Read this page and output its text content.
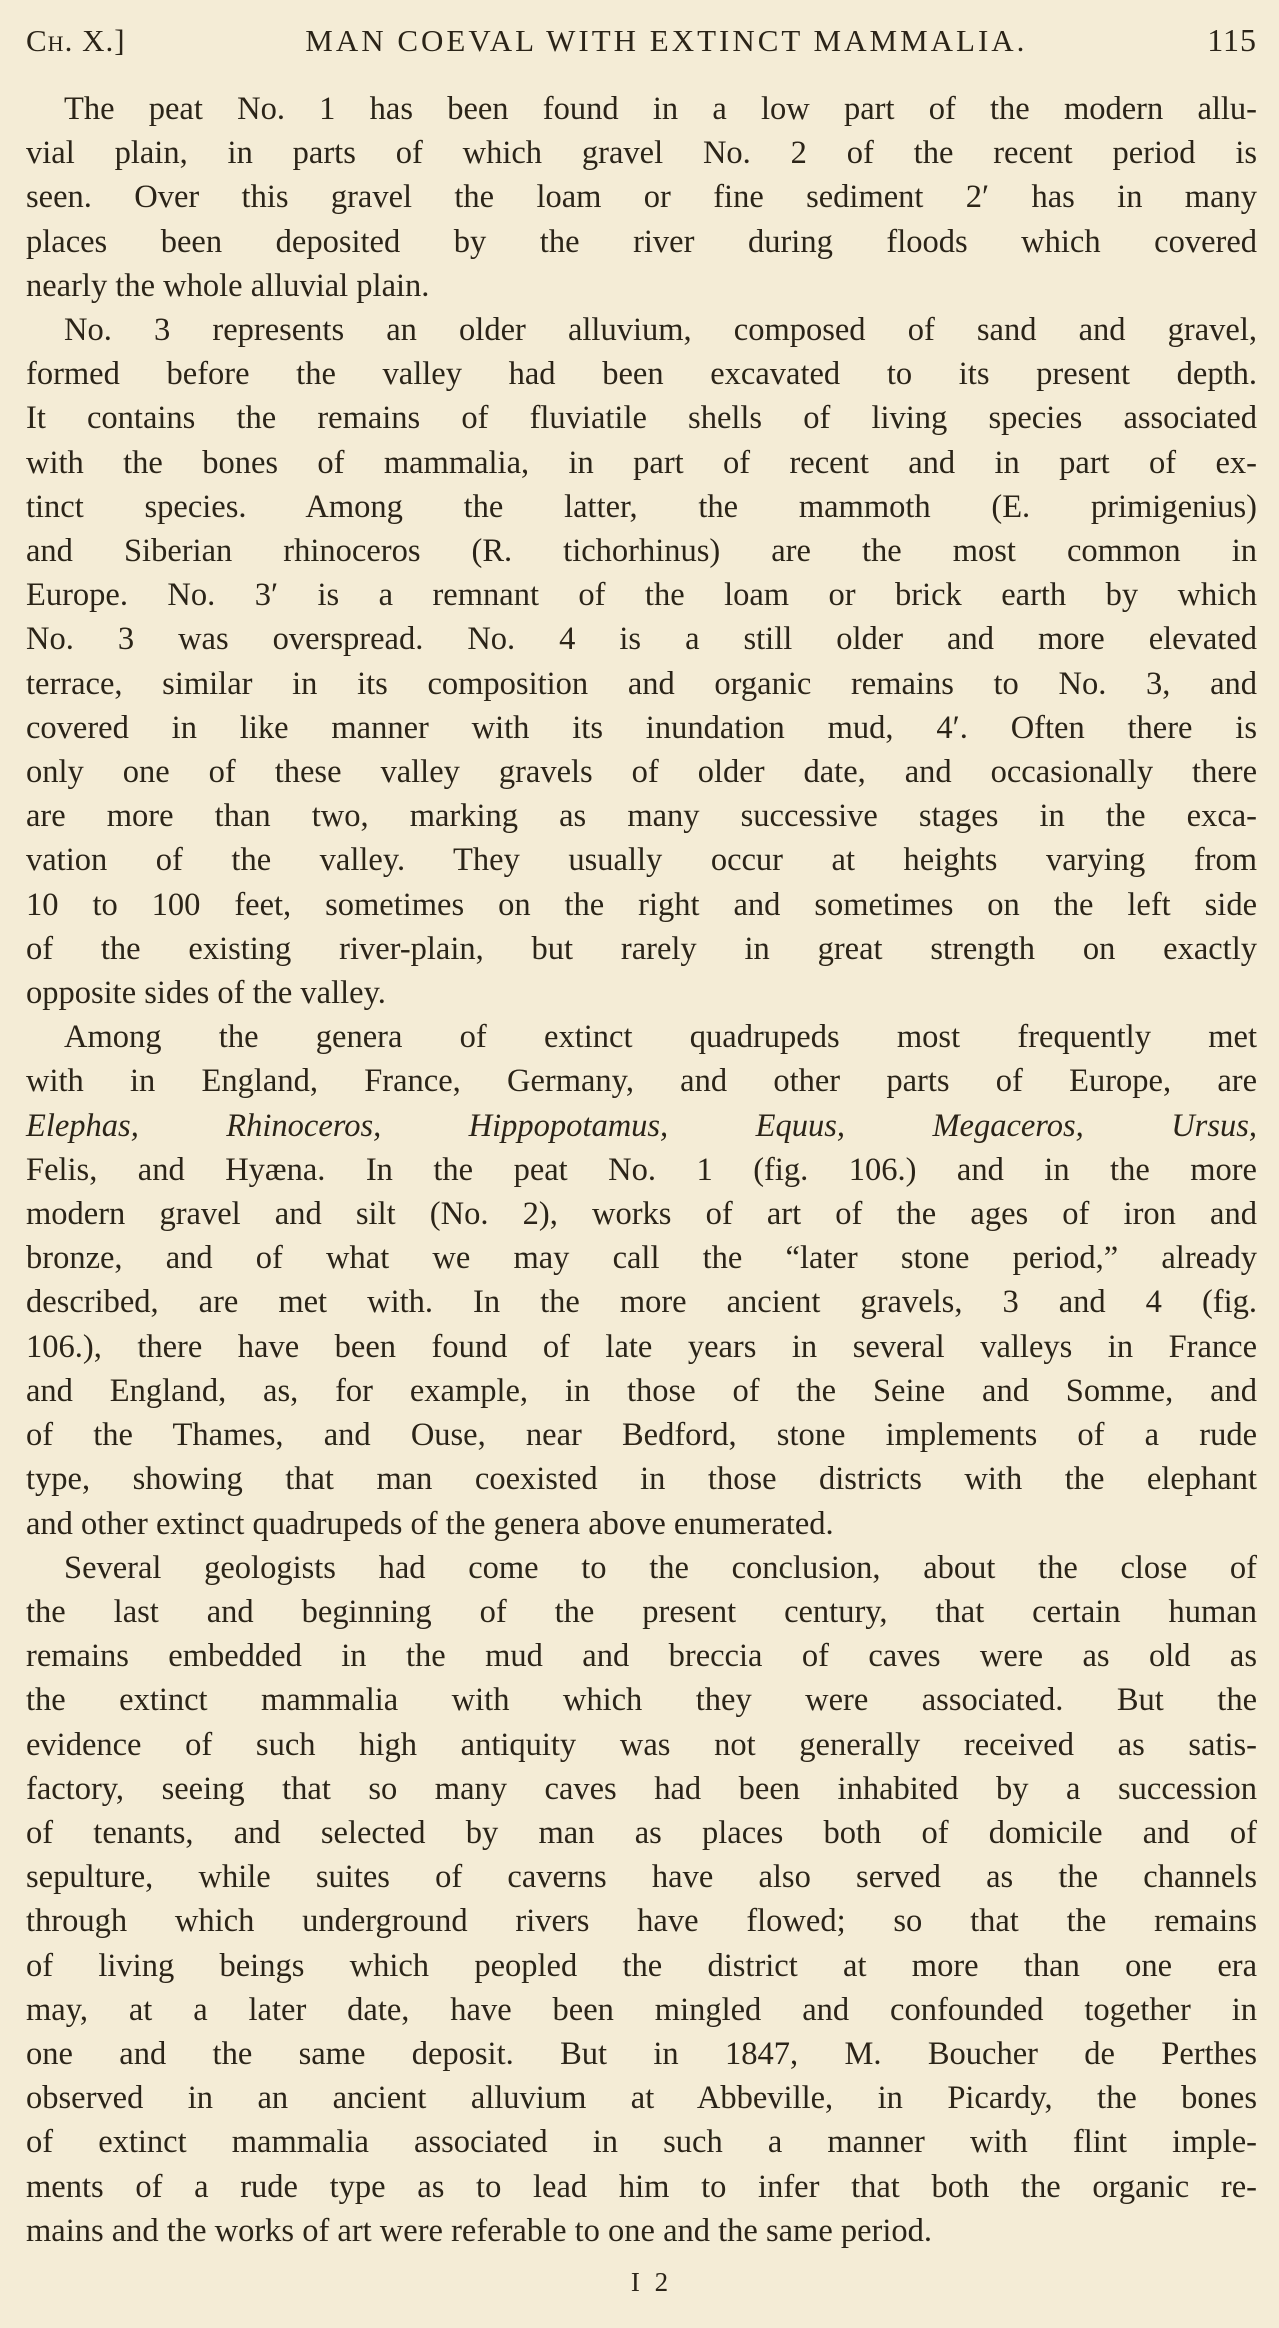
Ch. X.]	MAN COEVAL WITH EXTINCT MAMMALIA.	115
The peat No. 1 has been found in a low part of the modern allu-
vial plain, in parts of which gravel No. 2 of the recent period is
seen. Over this gravel the loam or fine sediment 2′ has in many
places been deposited by the river during floods which covered
nearly the whole alluvial plain.
No. 3 represents an older alluvium, composed of sand and gravel,
formed before the valley had been excavated to its present depth.
It contains the remains of fluviatile shells of living species associated
with the bones of mammalia, in part of recent and in part of ex-
tinct species. Among the latter, the mammoth (E. primigenius)
and Siberian rhinoceros (R. tichorhinus) are the most common in
Europe. No. 3′ is a remnant of the loam or brick earth by which
No. 3 was overspread. No. 4 is a still older and more elevated
terrace, similar in its composition and organic remains to No. 3, and
covered in like manner with its inundation mud, 4′. Often there is
only one of these valley gravels of older date, and occasionally there
are more than two, marking as many successive stages in the exca-
vation of the valley. They usually occur at heights varying from
10 to 100 feet, sometimes on the right and sometimes on the left side
of the existing river-plain, but rarely in great strength on exactly
opposite sides of the valley.
Among the genera of extinct quadrupeds most frequently met
with in England, France, Germany, and other parts of Europe, are
Elephas, Rhinoceros, Hippopotamus, Equus, Megaceros, Ursus,
Felis, and Hyæna. In the peat No. 1 (fig. 106.) and in the more
modern gravel and silt (No. 2), works of art of the ages of iron and
bronze, and of what we may call the “later stone period,” already
described, are met with. In the more ancient gravels, 3 and 4 (fig.
106.), there have been found of late years in several valleys in France
and England, as, for example, in those of the Seine and Somme, and
of the Thames, and Ouse, near Bedford, stone implements of a rude
type, showing that man coexisted in those districts with the elephant
and other extinct quadrupeds of the genera above enumerated.
Several geologists had come to the conclusion, about the close of
the last and beginning of the present century, that certain human
remains embedded in the mud and breccia of caves were as old as
the extinct mammalia with which they were associated. But the
evidence of such high antiquity was not generally received as satis-
factory, seeing that so many caves had been inhabited by a succession
of tenants, and selected by man as places both of domicile and of
sepulture, while suites of caverns have also served as the channels
through which underground rivers have flowed; so that the remains
of living beings which peopled the district at more than one era
may, at a later date, have been mingled and confounded together in
one and the same deposit. But in 1847, M. Boucher de Perthes
observed in an ancient alluvium at Abbeville, in Picardy, the bones
of extinct mammalia associated in such a manner with flint imple-
ments of a rude type as to lead him to infer that both the organic re-
mains and the works of art were referable to one and the same period.
I 2
